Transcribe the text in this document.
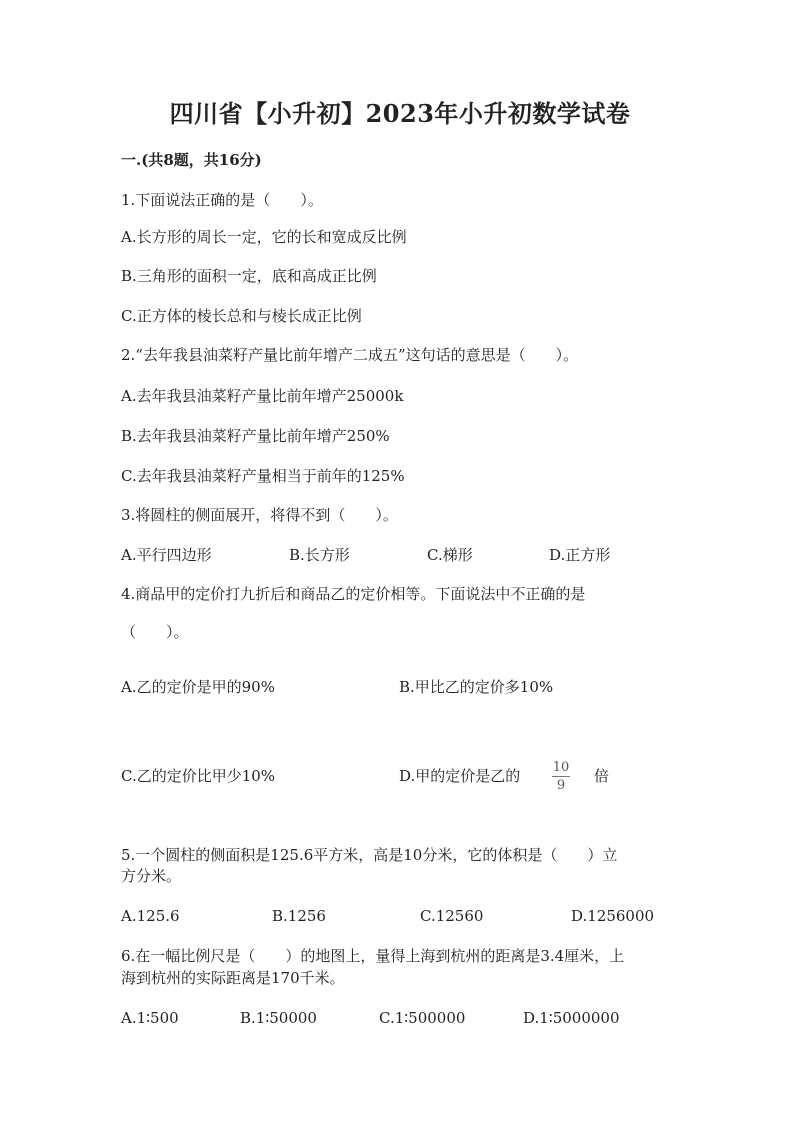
四川省【小升初】2023年小升初数学试卷
一.(共8题，共16分)
1.下面说法正确的是（　　）。
A.长方形的周长一定，它的长和宽成反比例
B.三角形的面积一定，底和高成正比例
C.正方体的棱长总和与棱长成正比例
2.“去年我县油菜籽产量比前年增产二成五”这句话的意思是（　　）。
A.去年我县油菜籽产量比前年增产25000k
B.去年我县油菜籽产量比前年增产250%
C.去年我县油菜籽产量相当于前年的125%
3.将圆柱的侧面展开，将得不到（　　）。
A.平行四边形	B.长方形	C.梯形	D.正方形
4.商品甲的定价打九折后和商品乙的定价相等。下面说法中不正确的是
（　　）。
A.乙的定价是甲的90%	B.甲比乙的定价多10%
C.乙的定价比甲少10%	D.甲的定价是乙的 10
9
倍
5.一个圆柱的侧面积是125.6平方米，高是10分米，它的体积是（　　）立
方分米。
A.125.6	B.1256	C.12560	D.1256000
6.在一幅比例尺是（　　）的地图上，量得上海到杭州的距离是3.4厘米，上
海到杭州的实际距离是170千米。
A.1∶500	B.1∶50000	C.1∶500000	D.1∶5000000
